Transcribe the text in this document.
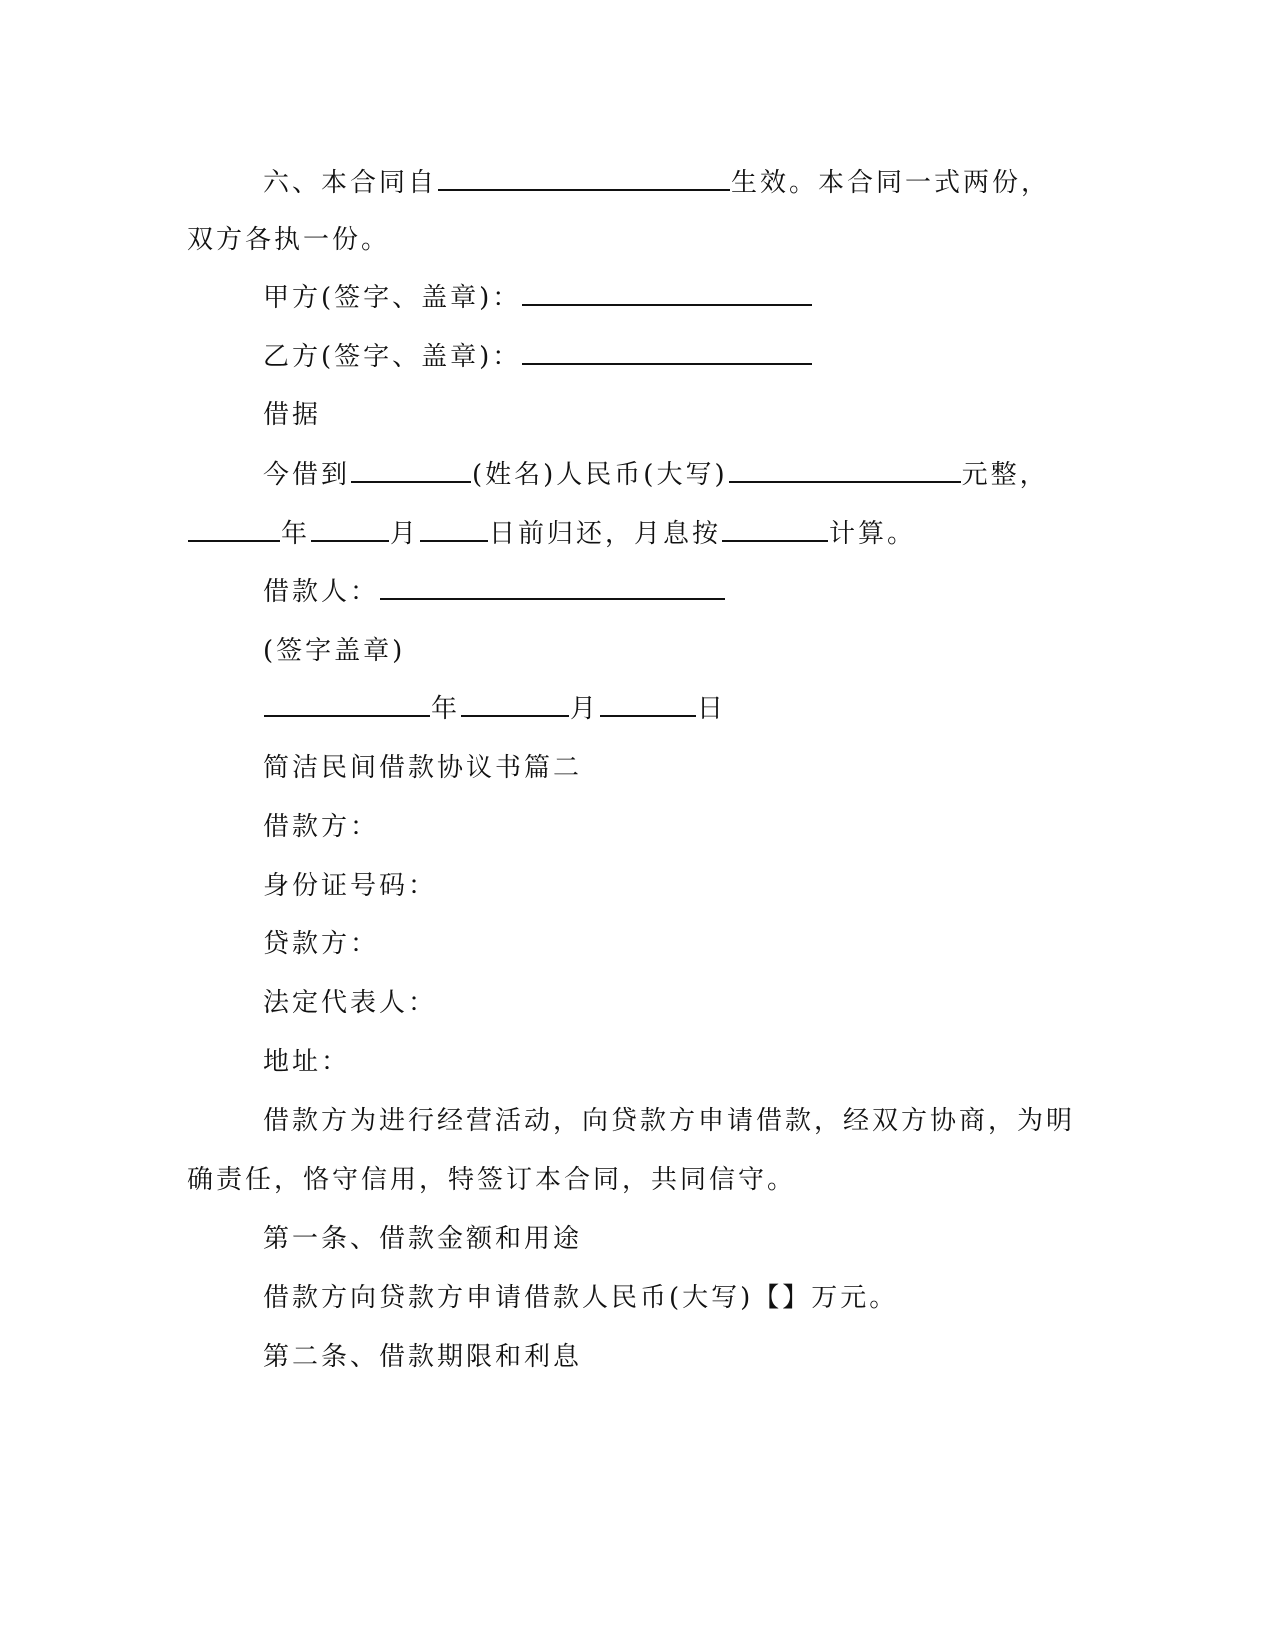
六、本合同自	生效。本合同一式两份，
双方各执一份。
甲方(签字、盖章)：
乙方(签字、盖章)：
借据
今借到	(姓名)人民币(大写)	元整，
年	月	日前归还，月息按	计算。
借款人：
(签字盖章)
年	月	日
简洁民间借款协议书篇二
借款方：
身份证号码：
贷款方：
法定代表人：
地址：
借款方为进行经营活动，向贷款方申请借款，经双方协商，为明
确责任，恪守信用，特签订本合同，共同信守。
第一条、借款金额和用途
借款方向贷款方申请借款人民币(大写)【】万元。
第二条、借款期限和利息
